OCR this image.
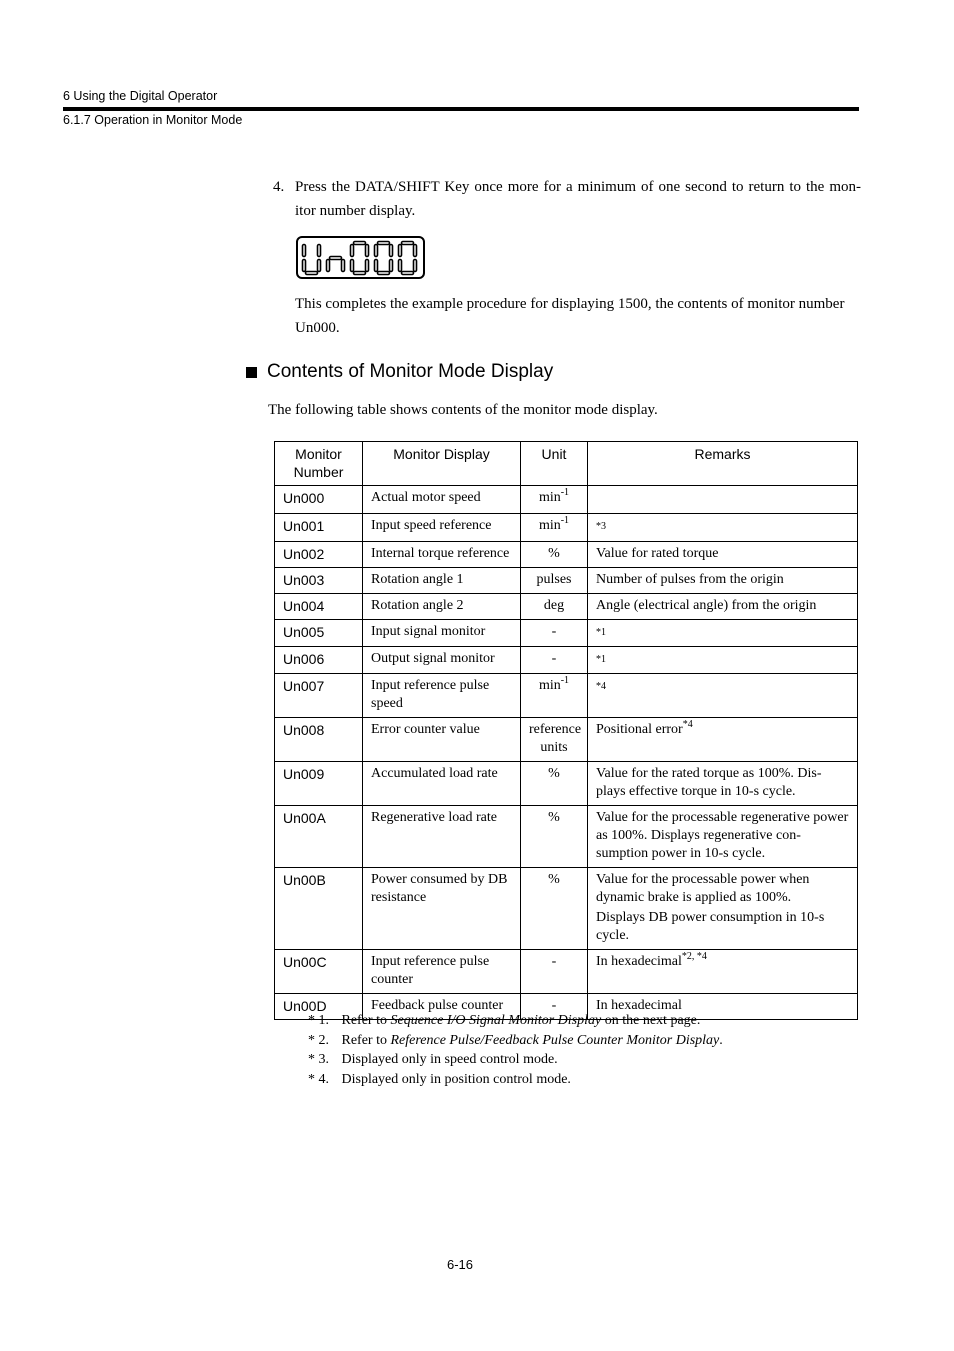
6 Using the Digital Operator
6.1.7 Operation in Monitor Mode
4. Press the DATA/SHIFT Key once more for a minimum of one second to return to the mon-itor number display.
This completes the example procedure for displaying 1500, the contents of monitor number Un000.
Contents of Monitor Mode Display
The following table shows contents of the monitor mode display.
Monitor Number	Monitor Display	Unit	Remarks
Un000	Actual motor speed	$\min^{-1}$	
Un001	Input speed reference	$\min^{-1}$	*3
Un002	Internal torque reference	%	Value for rated torque
Un003	Rotation angle 1	pulses	Number of pulses from the origin
Un004	Rotation angle 2	deg	Angle (electrical angle) from the origin
Un005	Input signal monitor	-	*1
Un006	Output signal monitor	-	*1
Un007	Input reference pulse speed	$\min^{-1}$	*4
Un008	Error counter value	reference units	Positional error$^{*4}$
Un009	Accumulated load rate	%	Value for the rated torque as 100%. Dis-plays effective torque in 10-s cycle.
Un00A	Regenerative load rate	%	Value for the processable regenerative power as 100%. Displays regenerative con-sumption power in 10-s cycle.
Un00B	Power consumed by DB resistance	%	Value for the processable power when dynamic brake is applied as 100%.
Displays DB power consumption in 10-s cycle.

Un00C	Input reference pulse counter	-	In hexadecimal$^{*2, *4}$
Un00D	Feedback pulse counter	-	In hexadecimal
* 1. Refer to Sequence I/O Signal Monitor Display on the next page.
* 2. Refer to Reference Pulse/Feedback Pulse Counter Monitor Display.
* 3. Displayed only in speed control mode.
* 4. Displayed only in position control mode.
6-16
